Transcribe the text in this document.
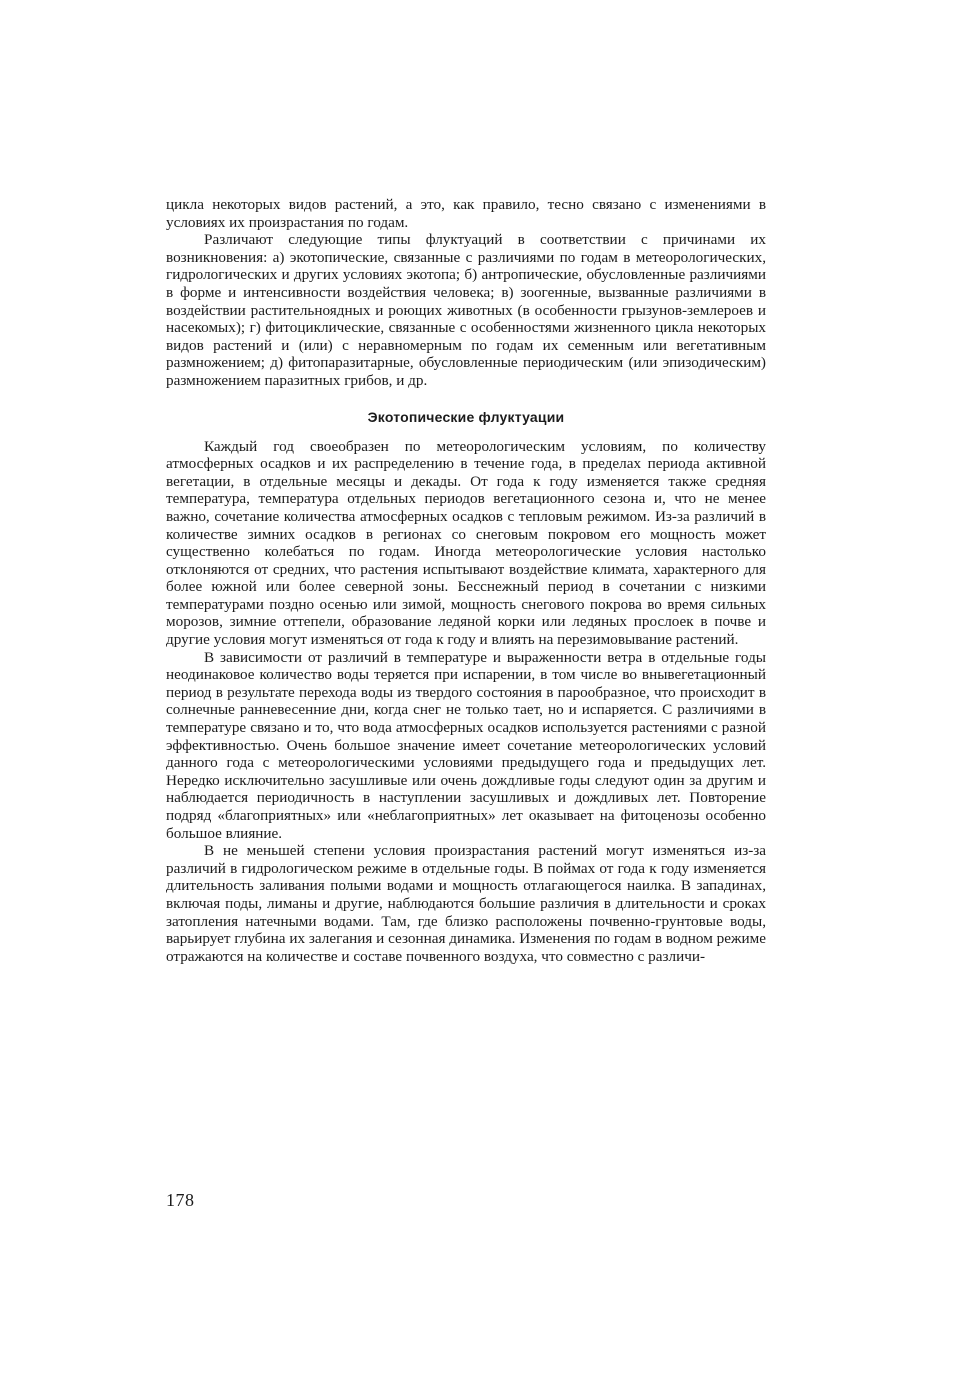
цикла некоторых видов растений, а это, как правило, тесно связано с изменениями в условиях их произрастания по годам.

Различают следующие типы флуктуаций в соответствии с причинами их возникновения: а) экотопические, связанные с различиями по годам в метеорологических, гидрологических и других условиях экотопа; б) антропические, обусловленные различиями в форме и интенсивности воздействия человека; в) зоогенные, вызванные различиями в воздействии растительноядных и роющих животных (в особенности грызунов-землероев и насекомых); г) фитоциклические, связанные с особенностями жизненного цикла некоторых видов растений и (или) с неравномерным по годам их семенным или вегетативным размножением; д) фитопаразитарные, обусловленные периодическим (или эпизодическим) размножением паразитных грибов, и др.

Экотопические флуктуации

Каждый год своеобразен по метеорологическим условиям, по количеству атмосферных осадков и их распределению в течение года, в пределах периода активной вегетации, в отдельные месяцы и декады. От года к году изменяется также средняя температура, температура отдельных периодов вегетационного сезона и, что не менее важно, сочетание количества атмосферных осадков с тепловым режимом. Из-за различий в количестве зимних осадков в регионах со снеговым покровом его мощность может существенно колебаться по годам. Иногда метеорологические условия настолько отклоняются от средних, что растения испытывают воздействие климата, характерного для более южной или более северной зоны. Бесснежный период в сочетании с низкими температурами поздно осенью или зимой, мощность снегового покрова во время сильных морозов, зимние оттепели, образование ледяной корки или ледяных прослоек в почве и другие условия могут изменяться от года к году и влиять на перезимовывание растений.

В зависимости от различий в температуре и выраженности ветра в отдельные годы неодинаковое количество воды теряется при испарении, в том числе во внывегетационный период в результате перехода воды из твердого состояния в парообразное, что происходит в солнечные ранневесенние дни, когда снег не только тает, но и испаряется. С различиями в температуре связано и то, что вода атмосферных осадков используется растениями с разной эффективностью. Очень большое значение имеет сочетание метеорологических условий данного года с метеорологическими условиями предыдущего года и предыдущих лет. Нередко исключительно засушливые или очень дождливые годы следуют один за другим и наблюдается периодичность в наступлении засушливых и дождливых лет. Повторение подряд «благоприятных» или «неблагоприятных» лет оказывает на фитоценозы особенно большое влияние.

В не меньшей степени условия произрастания растений могут изменяться из-за различий в гидрологическом режиме в отдельные годы. В поймах от года к году изменяется длительность заливания полыми водами и мощность отлагающегося наилка. В западинах, включая поды, лиманы и другие, наблюдаются большие различия в длительности и сроках затопления натечными водами. Там, где близко расположены почвенно-грунтовые воды, варьирует глубина их залегания и сезонная динамика. Изменения по годам в водном режиме отражаются на количестве и составе почвенного воздуха, что совместно с различи-

178
